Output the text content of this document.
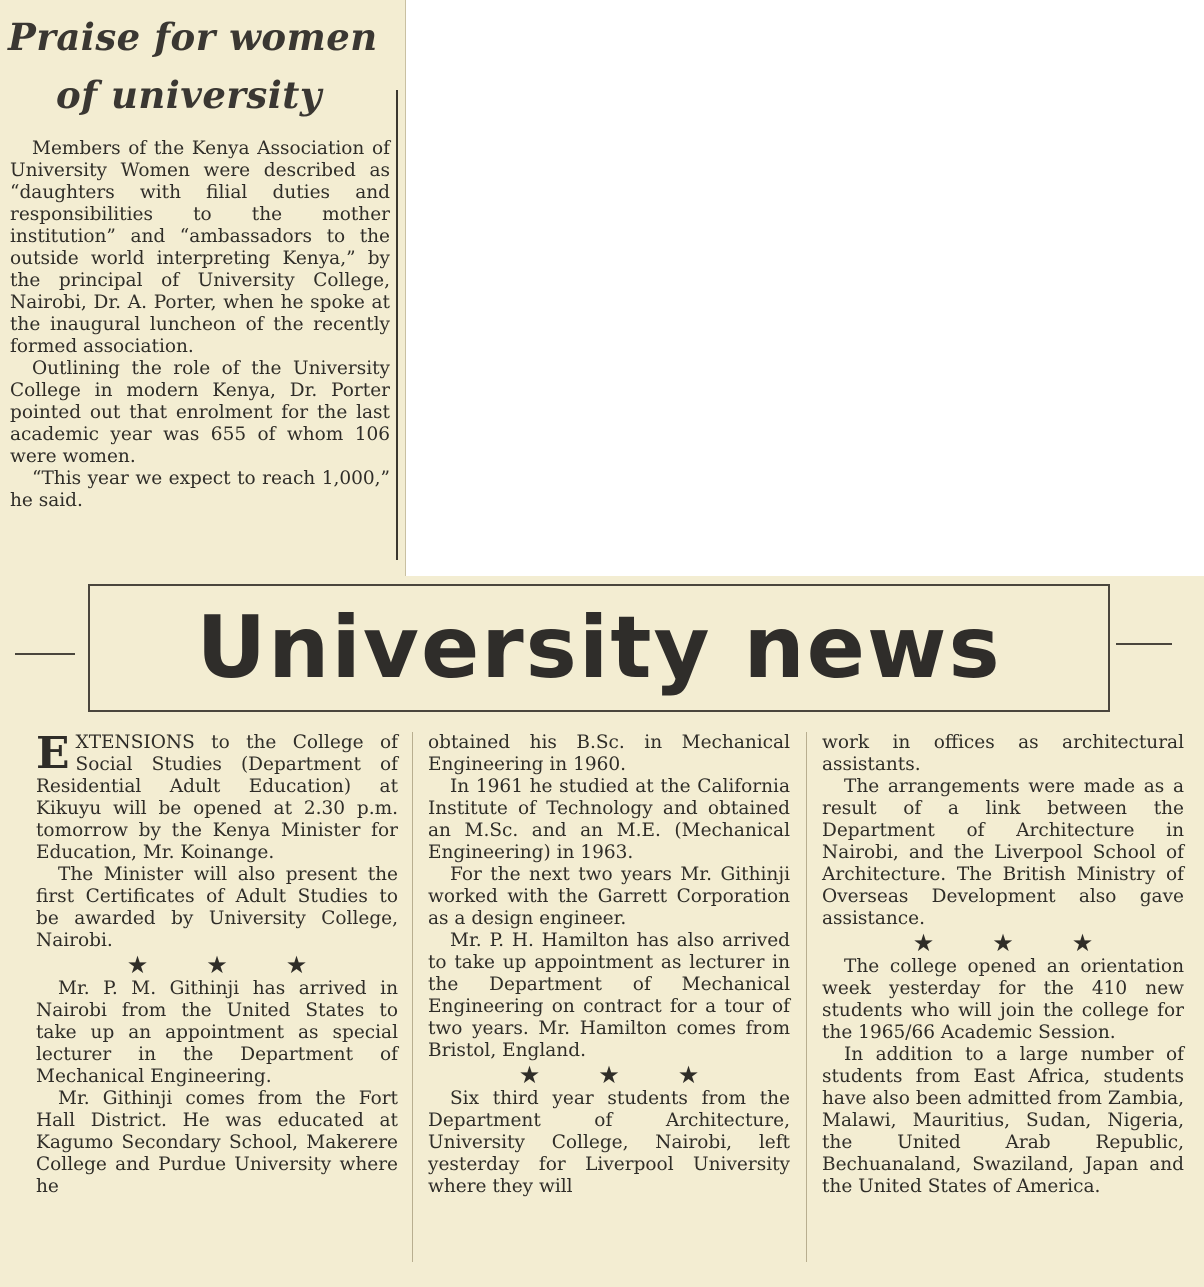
Praise for women
of university

Members of the Kenya Association of University Women were described as “daughters with filial duties and responsibilities to the mother institution” and “ambassadors to the outside world interpreting Kenya,” by the principal of University College, Nairobi, Dr. A. Porter, when he spoke at the inaugural luncheon of the recently formed association.

Outlining the role of the University College in modern Kenya, Dr. Porter pointed out that enrolment for the last academic year was 655 of whom 106 were women.

“This year we expect to reach 1,000,” he said.

University news

EXTENSIONS to the College of Social Studies (Department of Residential Adult Education) at Kikuyu will be opened at 2.30 p.m. tomorrow by the Kenya Minister for Education, Mr. Koinange.

The Minister will also present the first Certificates of Adult Studies to be awarded by University College, Nairobi.

★★★

Mr. P. M. Githinji has arrived in Nairobi from the United States to take up an appointment as special lecturer in the Department of Mechanical Engineering.

Mr. Githinji comes from the Fort Hall District. He was educated at Kagumo Secondary School, Makerere College and Purdue University where he

obtained his B.Sc. in Mechanical Engineering in 1960.

In 1961 he studied at the California Institute of Technology and obtained an M.Sc. and an M.E. (Mechanical Engineering) in 1963.

For the next two years Mr. Githinji worked with the Garrett Corporation as a design engineer.

Mr. P. H. Hamilton has also arrived to take up appointment as lecturer in the Department of Mechanical Engineering on contract for a tour of two years. Mr. Hamilton comes from Bristol, England.

★★★

Six third year students from the Department of Architecture, University College, Nairobi, left yesterday for Liverpool University where they will

work in offices as architectural assistants.

The arrangements were made as a result of a link between the Department of Architecture in Nairobi, and the Liverpool School of Architecture. The British Ministry of Overseas Development also gave assistance.

★★★

The college opened an orientation week yesterday for the 410 new students who will join the college for the 1965/66 Academic Session.

In addition to a large number of students from East Africa, students have also been admitted from Zambia, Malawi, Mauritius, Sudan, Nigeria, the United Arab Republic, Bechuanaland, Swaziland, Japan and the United States of America.
